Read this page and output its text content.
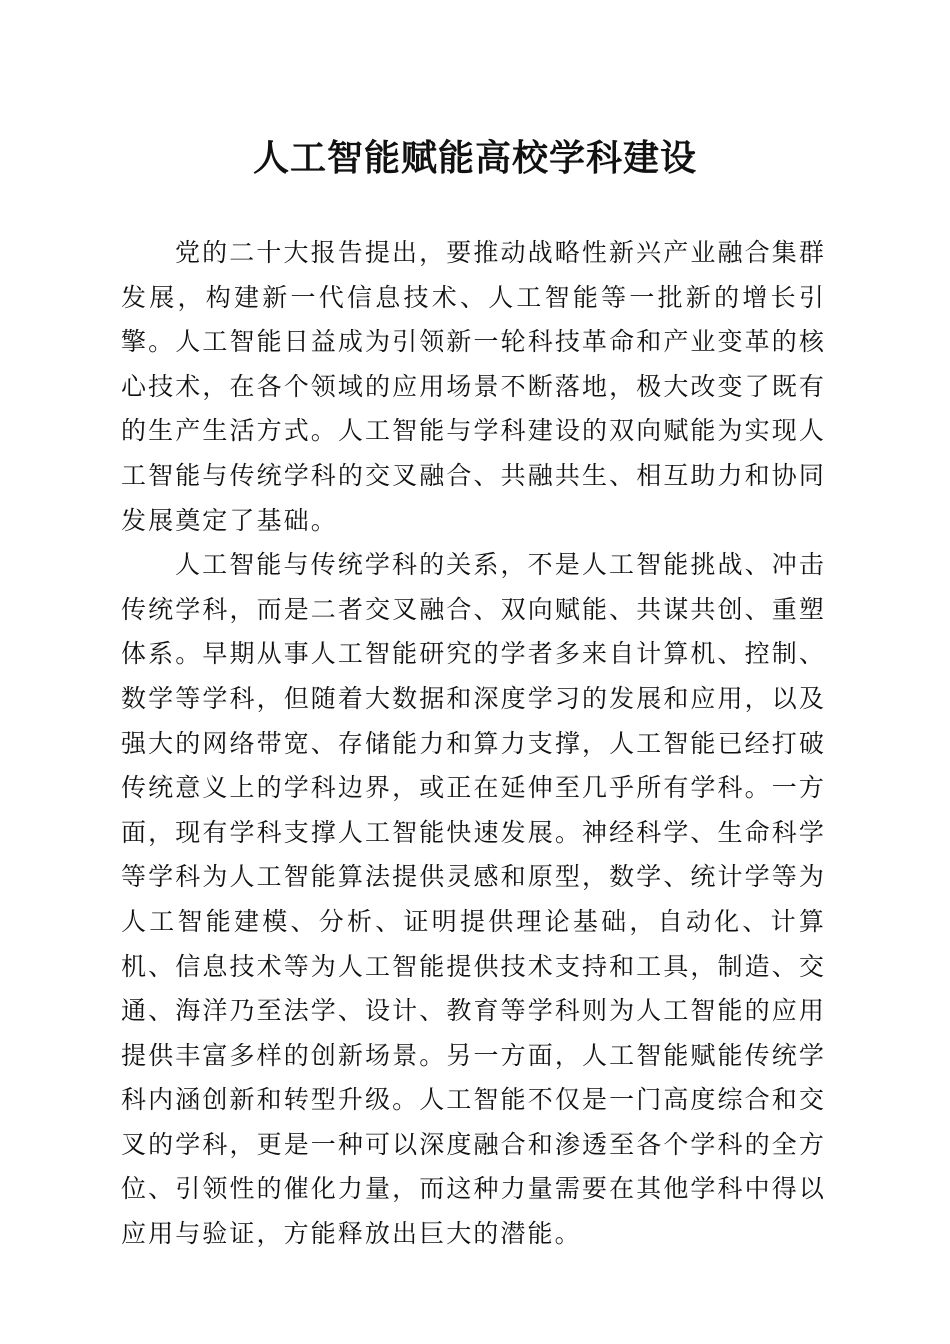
人工智能赋能高校学科建设

党的二十大报告提出，要推动战略性新兴产业融合集群发展，构建新一代信息技术、人工智能等一批新的增长引擎。人工智能日益成为引领新一轮科技革命和产业变革的核心技术，在各个领域的应用场景不断落地，极大改变了既有的生产生活方式。人工智能与学科建设的双向赋能为实现人工智能与传统学科的交叉融合、共融共生、相互助力和协同发展奠定了基础。

人工智能与传统学科的关系，不是人工智能挑战、冲击传统学科，而是二者交叉融合、双向赋能、共谋共创、重塑体系。早期从事人工智能研究的学者多来自计算机、控制、数学等学科，但随着大数据和深度学习的发展和应用，以及强大的网络带宽、存储能力和算力支撑，人工智能已经打破传统意义上的学科边界，或正在延伸至几乎所有学科。一方面，现有学科支撑人工智能快速发展。神经科学、生命科学等学科为人工智能算法提供灵感和原型，数学、统计学等为人工智能建模、分析、证明提供理论基础，自动化、计算机、信息技术等为人工智能提供技术支持和工具，制造、交通、海洋乃至法学、设计、教育等学科则为人工智能的应用提供丰富多样的创新场景。另一方面，人工智能赋能传统学科内涵创新和转型升级。人工智能不仅是一门高度综合和交叉的学科，更是一种可以深度融合和渗透至各个学科的全方位、引领性的催化力量，而这种力量需要在其他学科中得以应用与验证，方能释放出巨大的潜能。
